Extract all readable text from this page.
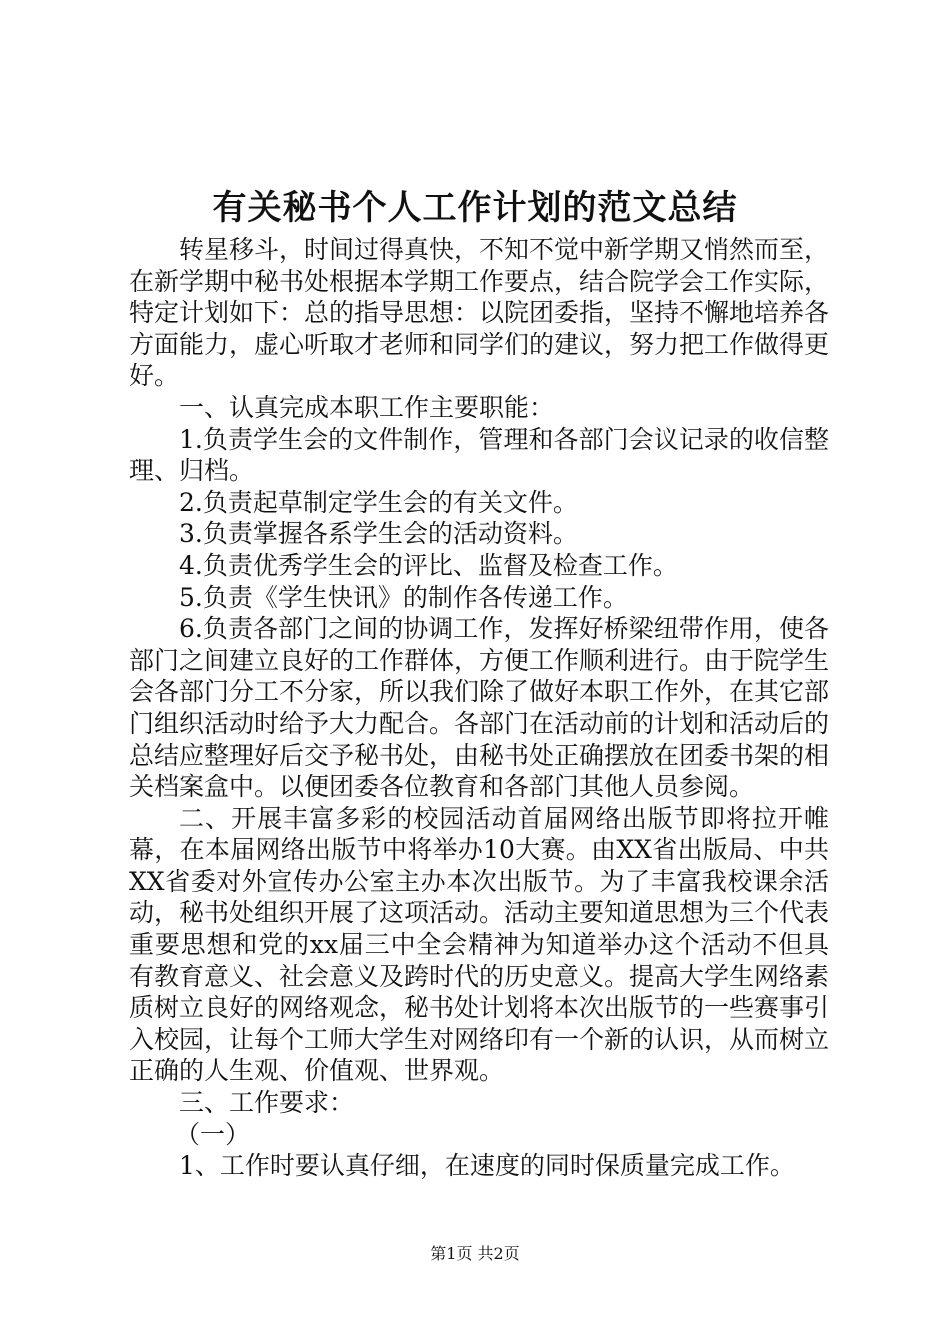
有关秘书个人工作计划的范文总结

转星移斗，时间过得真快，不知不觉中新学期又悄然而至，在新学期中秘书处根据本学期工作要点，结合院学会工作实际，特定计划如下：总的指导思想：以院团委指，坚持不懈地培养各方面能力，虚心听取才老师和同学们的建议，努力把工作做得更好。

一、认真完成本职工作主要职能：

1.负责学生会的文件制作，管理和各部门会议记录的收信整理、归档。

2.负责起草制定学生会的有关文件。

3.负责掌握各系学生会的活动资料。

4.负责优秀学生会的评比、监督及检查工作。

5.负责《学生快讯》的制作各传递工作。

6.负责各部门之间的协调工作，发挥好桥梁纽带作用，使各部门之间建立良好的工作群体，方便工作顺利进行。由于院学生会各部门分工不分家，所以我们除了做好本职工作外，在其它部门组织活动时给予大力配合。各部门在活动前的计划和活动后的总结应整理好后交予秘书处，由秘书处正确摆放在团委书架的相关档案盒中。以便团委各位教育和各部门其他人员参阅。

二、开展丰富多彩的校园活动首届网络出版节即将拉开帷幕，在本届网络出版节中将举办10大赛。由XX省出版局、中共XX省委对外宣传办公室主办本次出版节。为了丰富我校课余活动，秘书处组织开展了这项活动。活动主要知道思想为三个代表重要思想和党的xx届三中全会精神为知道举办这个活动不但具有教育意义、社会意义及跨时代的历史意义。提高大学生网络素质树立良好的网络观念，秘书处计划将本次出版节的一些赛事引入校园，让每个工师大学生对网络印有一个新的认识，从而树立正确的人生观、价值观、世界观。

三、工作要求：

（一）

1、工作时要认真仔细，在速度的同时保质量完成工作。

第1页 共2页
